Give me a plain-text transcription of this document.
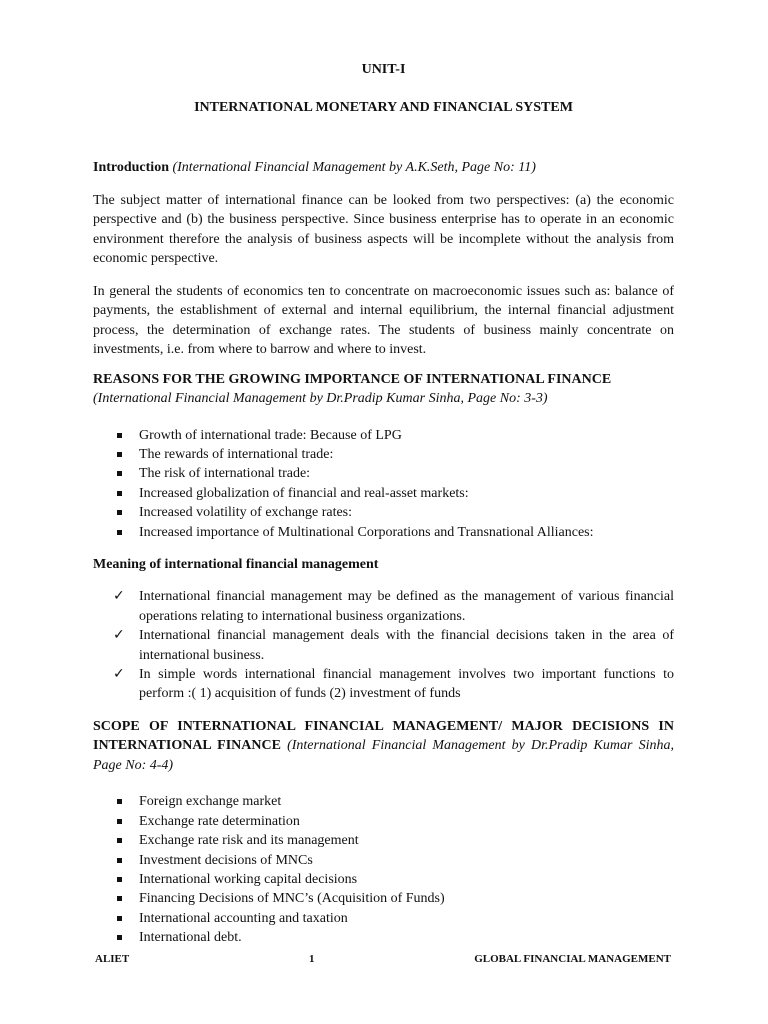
UNIT-I
INTERNATIONAL MONETARY AND FINANCIAL SYSTEM

Introduction (International Financial Management by A.K.Seth, Page No: 11)

The subject matter of international finance can be looked from two perspectives: (a) the economic perspective and (b) the business perspective. Since business enterprise has to operate in an economic environment therefore the analysis of business aspects will be incomplete without the analysis from economic perspective.

In general the students of economics ten to concentrate on macroeconomic issues such as: balance of payments, the establishment of external and internal equilibrium, the internal financial adjustment process, the determination of exchange rates. The students of business mainly concentrate on investments, i.e. from where to barrow and where to invest.

REASONS FOR THE GROWING IMPORTANCE OF INTERNATIONAL FINANCE

(International Financial Management by Dr.Pradip Kumar Sinha, Page No: 3-3)

Growth of international trade: Because of LPG
The rewards of international trade:
The risk of international trade:
Increased globalization of financial and real-asset markets:
Increased volatility of exchange rates:
Increased importance of Multinational Corporations and Transnational Alliances:

Meaning of international financial management

✓ International financial management may be defined as the management of various financial operations relating to international business organizations.
✓ International financial management deals with the financial decisions taken in the area of international business.
✓ In simple words international financial management involves two important functions to perform :( 1) acquisition of funds (2) investment of funds

SCOPE OF INTERNATIONAL FINANCIAL MANAGEMENT/ MAJOR DECISIONS IN INTERNATIONAL FINANCE (International Financial Management by Dr.Pradip Kumar Sinha, Page No: 4-4)

Foreign exchange market
Exchange rate determination
Exchange rate risk and its management
Investment decisions of MNCs
International working capital decisions
Financing Decisions of MNC’s (Acquisition of Funds)
International accounting and taxation
International debt.
ALIET	1	GLOBAL FINANCIAL MANAGEMENT
